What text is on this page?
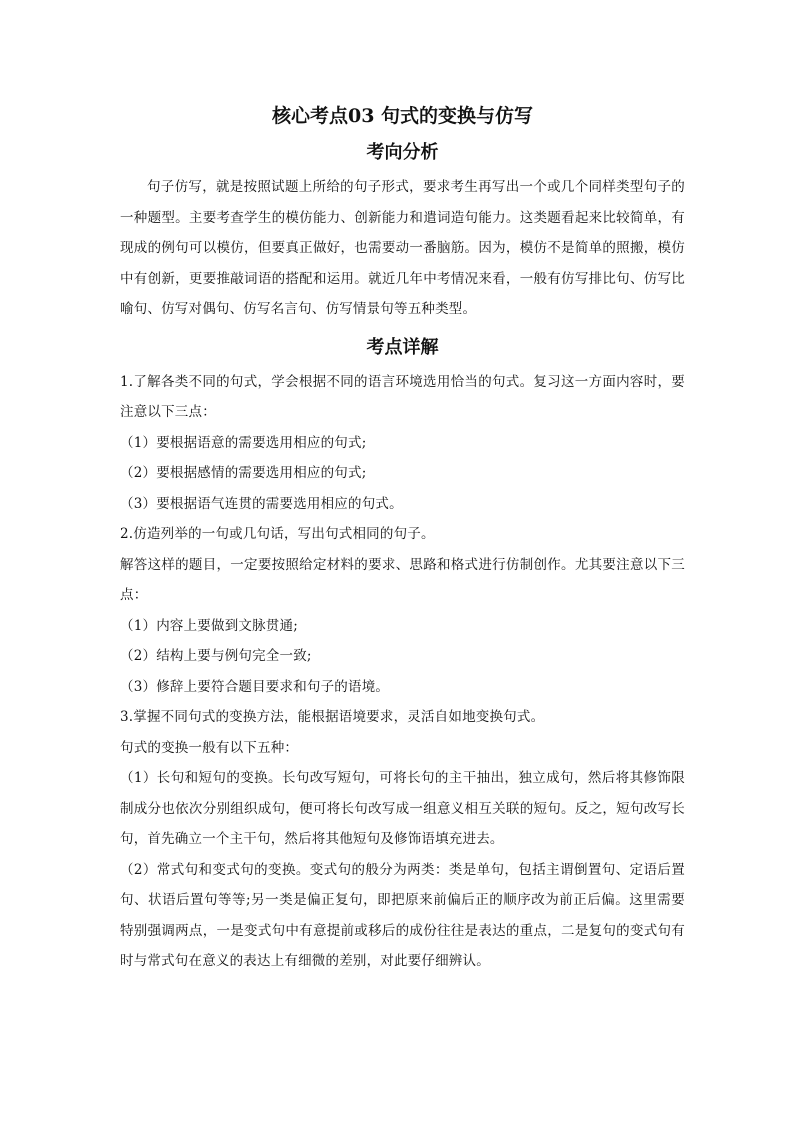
核心考点03 句式的变换与仿写
考向分析

句子仿写，就是按照试题上所给的句子形式，要求考生再写出一个或几个同样类型句子的一种题型。主要考查学生的模仿能力、创新能力和遣词造句能力。这类题看起来比较简单，有现成的例句可以模仿，但要真正做好，也需要动一番脑筋。因为，模仿不是简单的照搬，模仿中有创新，更要推敲词语的搭配和运用。就近几年中考情况来看，一般有仿写排比句、仿写比喻句、仿写对偶句、仿写名言句、仿写情景句等五种类型。

考点详解

1.了解各类不同的句式，学会根据不同的语言环境选用恰当的句式。复习这一方面内容时，要注意以下三点：

（1）要根据语意的需要选用相应的句式;

（2）要根据感情的需要选用相应的句式;

（3）要根据语气连贯的需要选用相应的句式。

2.仿造列举的一句或几句话，写出句式相同的句子。

解答这样的题目，一定要按照给定材料的要求、思路和格式进行仿制创作。尤其要注意以下三点：

（1）内容上要做到文脉贯通;

（2）结构上要与例句完全一致;

（3）修辞上要符合题目要求和句子的语境。

3.掌握不同句式的变换方法，能根据语境要求，灵活自如地变换句式。

句式的变换一般有以下五种：

（1）长句和短句的变换。长句改写短句，可将长句的主干抽出，独立成句，然后将其修饰限制成分也依次分别组织成句，便可将长句改写成一组意义相互关联的短句。反之，短句改写长句，首先确立一个主干句，然后将其他短句及修饰语填充进去。

（2）常式句和变式句的变换。变式句的般分为两类：类是单句，包括主谓倒置句、定语后置句、状语后置句等等;另一类是偏正复句，即把原来前偏后正的顺序改为前正后偏。这里需要特别强调两点，一是变式句中有意提前或移后的成份往往是表达的重点，二是复句的变式句有时与常式句在意义的表达上有细微的差别，对此要仔细辨认。
